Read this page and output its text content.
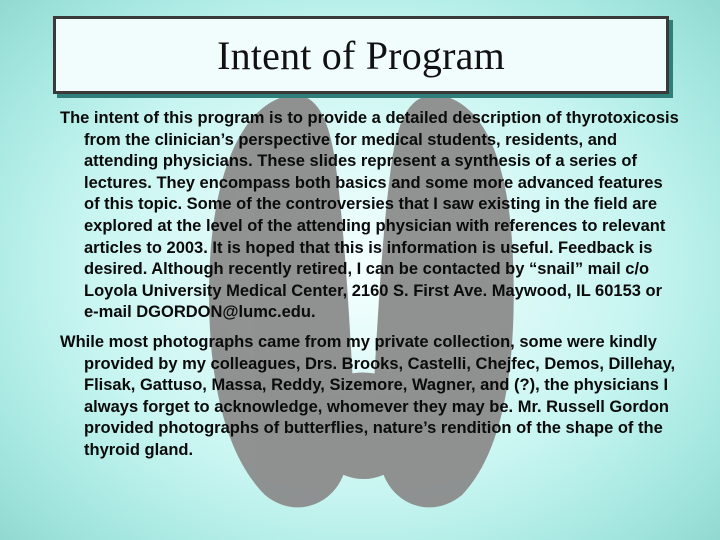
Intent of Program

The intent of this program is to provide a detailed description of thyrotoxicosis from the clinician’s perspective for medical students, residents, and attending physicians. These slides represent a synthesis of a series of lectures. They encompass both basics and some more advanced features of this topic. Some of the controversies that I saw existing in the field are explored at the level of the attending physician with references to relevant articles to 2003. It is hoped that this is information is useful. Feedback is desired. Although recently retired, I can be contacted by “snail” mail c/o Loyola University Medical Center, 2160 S. First Ave. Maywood, IL 60153 or e-mail DGORDON@lumc.edu.

While most photographs came from my private collection, some were kindly provided by my colleagues, Drs. Brooks, Castelli, Chejfec, Demos, Dillehay, Flisak, Gattuso, Massa, Reddy, Sizemore, Wagner, and (?), the physicians I always forget to acknowledge, whomever they may be. Mr. Russell Gordon provided photographs of butterflies, nature’s rendition of the shape of the thyroid gland.
